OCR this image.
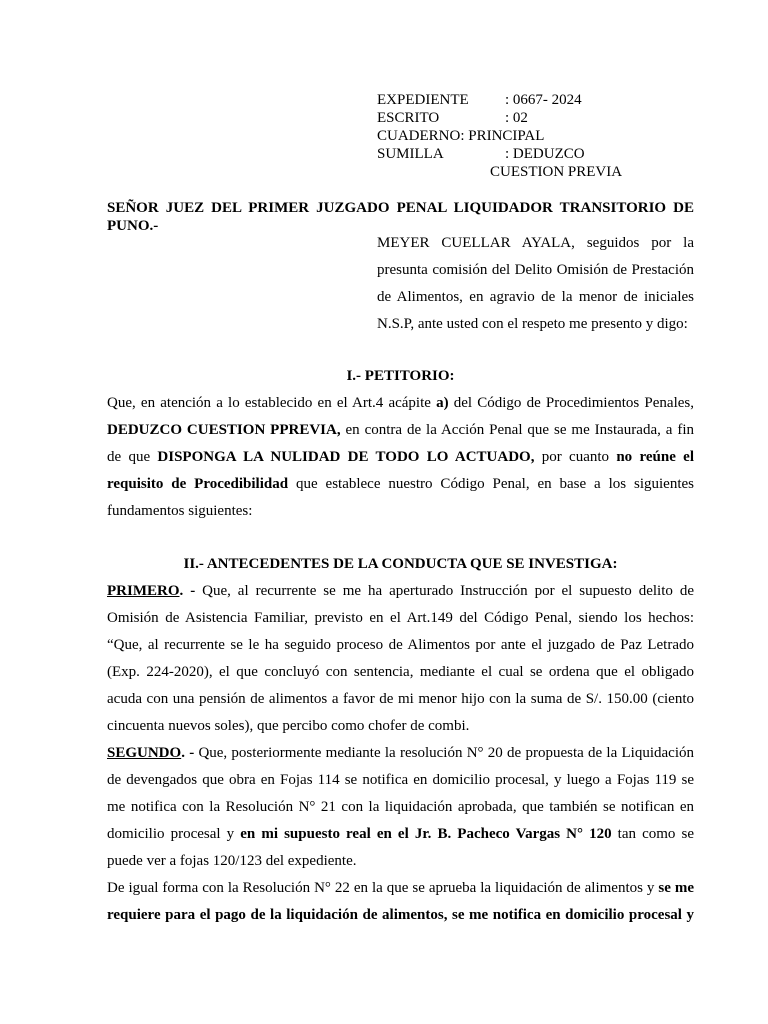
EXPEDIENTE : 0667- 2024
ESCRITO	: 02
CUADERNO: PRINCIPAL
SUMILLA	: DEDUZCO
CUESTION PREVIA
SEÑOR JUEZ DEL PRIMER JUZGADO PENAL LIQUIDADOR TRANSITORIO DE
PUNO.-
MEYER CUELLAR AYALA, seguidos por la
presunta comisión del Delito Omisión de Prestación
de Alimentos, en agravio de la menor de iniciales
N.S.P, ante usted con el respeto me presento y digo:
I.- PETITORIO:
Que, en atención a lo establecido en el Art.4 acápite a) del Código de Procedimientos Penales,
DEDUZCO CUESTION PPREVIA, en contra de la Acción Penal que se me Instaurada, a fin
de que DISPONGA LA NULIDAD DE TODO LO ACTUADO, por cuanto no reúne el
requisito de Procedibilidad que establece nuestro Código Penal, en base a los siguientes
fundamentos siguientes:
II.- ANTECEDENTES DE LA CONDUCTA QUE SE INVESTIGA:
PRIMERO. - Que, al recurrente se me ha aperturado Instrucción por el supuesto delito de
Omisión de Asistencia Familiar, previsto en el Art.149 del Código Penal, siendo los hechos:
“Que, al recurrente se le ha seguido proceso de Alimentos por ante el juzgado de Paz Letrado
(Exp. 224-2020), el que concluyó con sentencia, mediante el cual se ordena que el obligado
acuda con una pensión de alimentos a favor de mi menor hijo con la suma de S/. 150.00 (ciento
cincuenta nuevos soles), que percibo como chofer de combi.
SEGUNDO. - Que, posteriormente mediante la resolución N° 20 de propuesta de la Liquidación
de devengados que obra en Fojas 114 se notifica en domicilio procesal, y luego a Fojas 119 se
me notifica con la Resolución N° 21 con la liquidación aprobada, que también se notifican en
domicilio procesal y en mi supuesto real en el Jr. B. Pacheco Vargas N° 120 tan como se
puede ver a fojas 120/123 del expediente.
De igual forma con la Resolución N° 22 en la que se aprueba la liquidación de alimentos y se me
requiere para el pago de la liquidación de alimentos, se me notifica en domicilio procesal y
